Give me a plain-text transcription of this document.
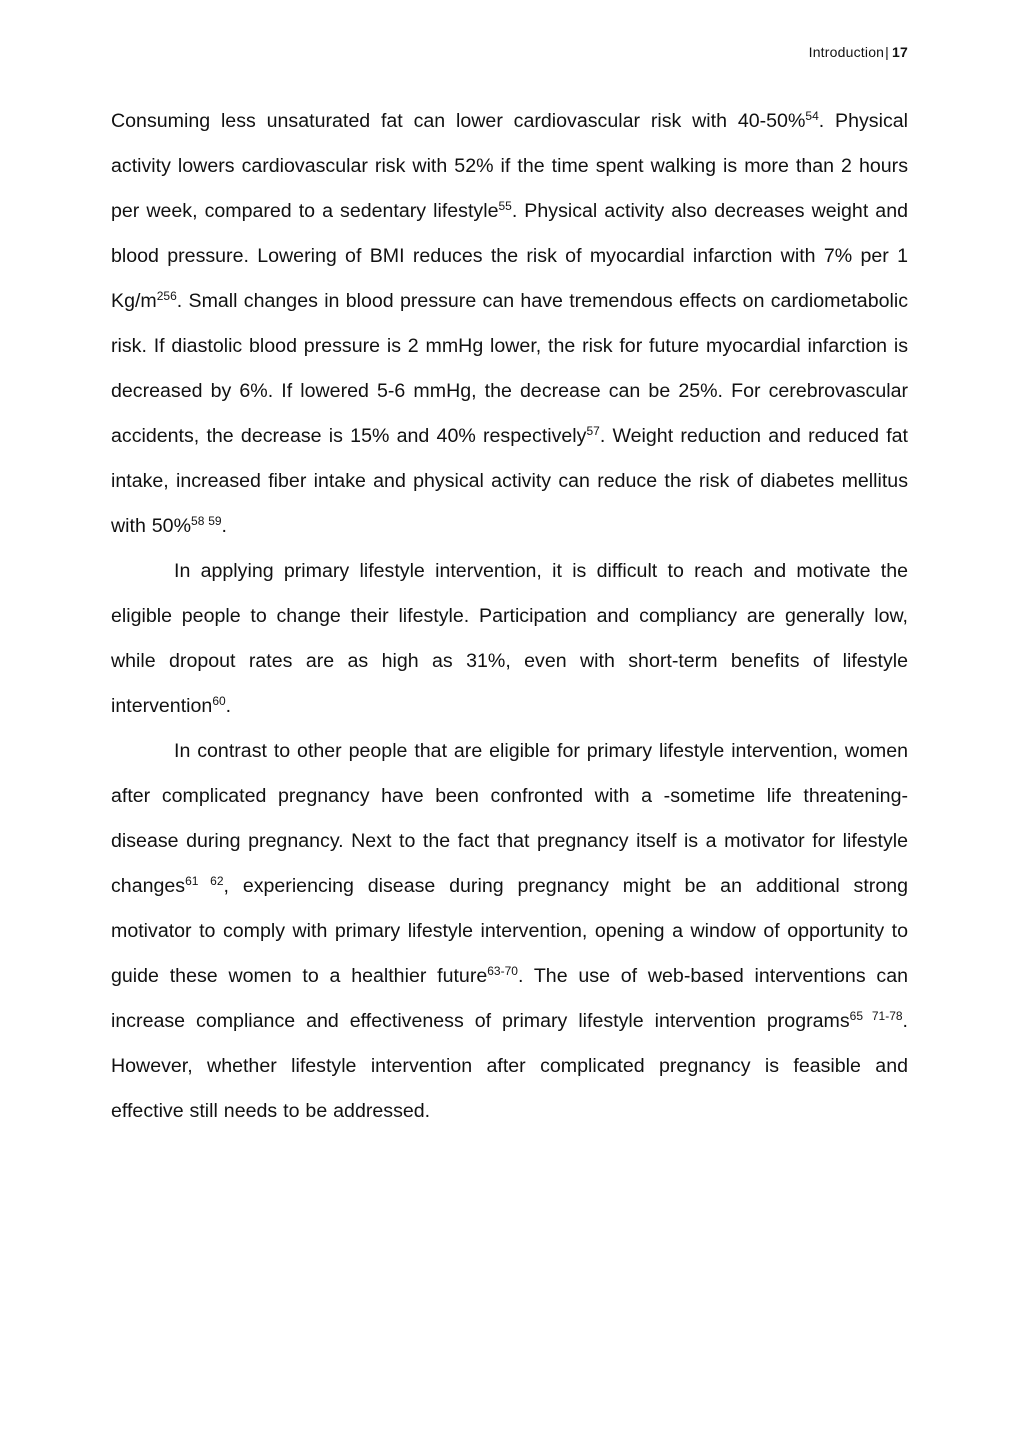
Introduction| 17

Consuming less unsaturated fat can lower cardiovascular risk with 40-50%$^{54}$. Physical activity lowers cardiovascular risk with 52% if the time spent walking is more than 2 hours per week, compared to a sedentary lifestyle$^{55}$. Physical activity also decreases weight and blood pressure. Lowering of BMI reduces the risk of myocardial infarction with 7% per 1 $Kg/m^{256}$. Small changes in blood pressure can have tremendous effects on cardiometabolic risk. If diastolic blood pressure is 2 mmHg lower, the risk for future myocardial infarction is decreased by 6%. If lowered 5-6 mmHg, the decrease can be 25%. For cerebrovascular accidents, the decrease is 15% and 40% respectively$^{57}$. Weight reduction and reduced fat intake, increased fiber intake and physical activity can reduce the risk of diabetes mellitus with 50%$^{58 59}$.

In applying primary lifestyle intervention, it is difficult to reach and motivate the eligible people to change their lifestyle. Participation and compliancy are generally low, while dropout rates are as high as 31%, even with short-term benefits of lifestyle intervention$^{60}$.

In contrast to other people that are eligible for primary lifestyle intervention, women after complicated pregnancy have been confronted with a -sometime life threatening- disease during pregnancy. Next to the fact that pregnancy itself is a motivator for lifestyle changes$^{61 62}$, experiencing disease during pregnancy might be an additional strong motivator to comply with primary lifestyle intervention, opening a window of opportunity to guide these women to a healthier future$^{63-70}$. The use of web-based interventions can increase compliance and effectiveness of primary lifestyle intervention programs$^{65 71-78}$. However, whether lifestyle intervention after complicated pregnancy is feasible and effective still needs to be addressed.
